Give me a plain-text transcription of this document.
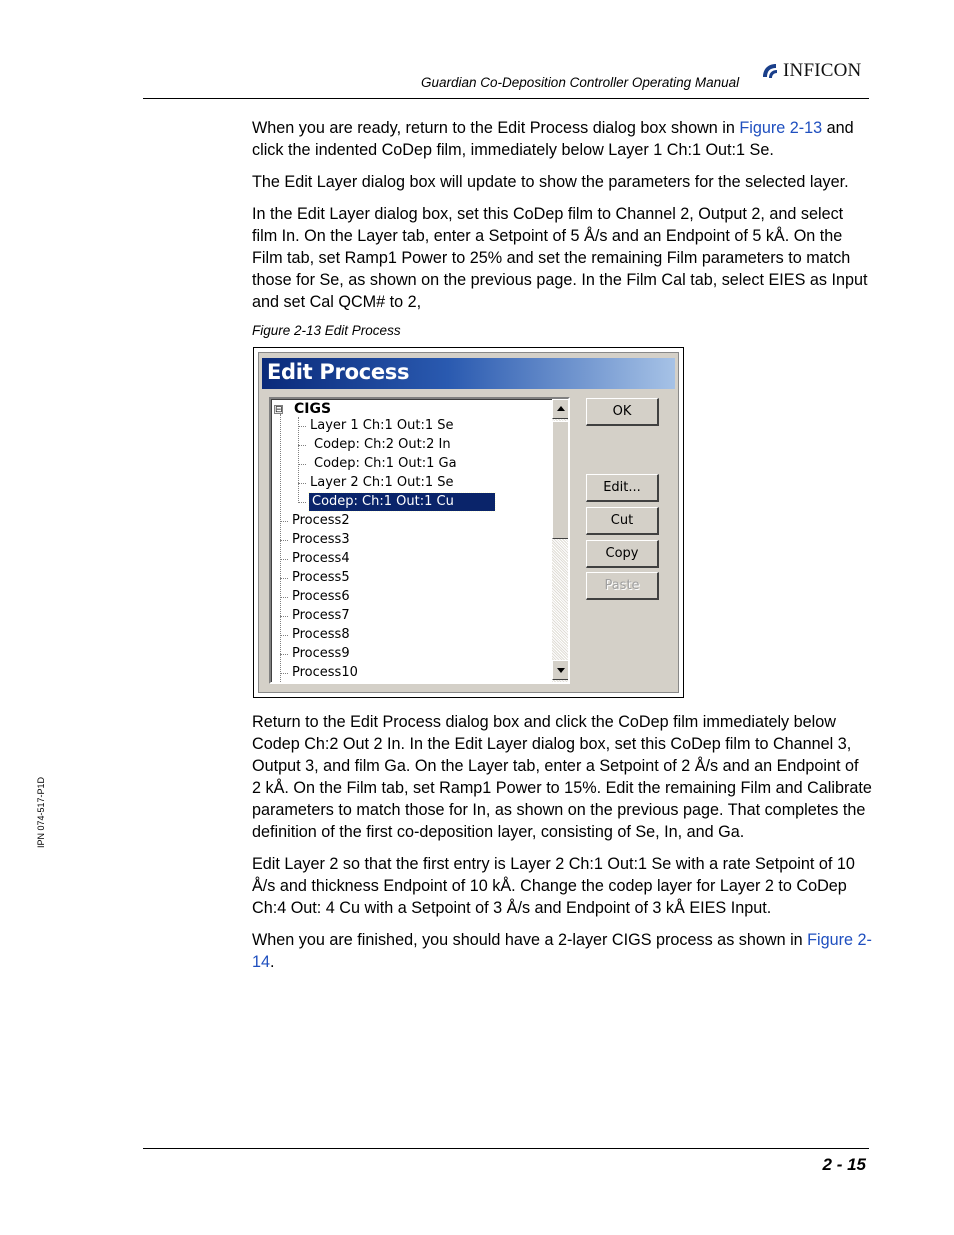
Guardian Co-Deposition Controller Operating Manual
INFICON

When you are ready, return to the Edit Process dialog box shown in Figure 2-13 and click the indented CoDep film, immediately below Layer 1 Ch:1 Out:1 Se.

The Edit Layer dialog box will update to show the parameters for the selected layer.

In the Edit Layer dialog box, set this CoDep film to Channel 2, Output 2, and select film In. On the Layer tab, enter a Setpoint of 5 Å/s and an Endpoint of 5 kÅ. On the Film tab, set Ramp1 Power to 25% and set the remaining Film parameters to match those for Se, as shown on the previous page. In the Film Cal tab, select EIES as Input and set Cal QCM# to 2,

Figure 2-13 Edit Process
Edit Process
⊟ CIGS
Layer 1 Ch:1 Out:1 Se
Codep: Ch:2 Out:2 In
Codep: Ch:1 Out:1 Ga
Layer 2 Ch:1 Out:1 Se
Codep: Ch:1 Out:1 Cu
Process2
Process3
Process4
Process5
Process6
Process7
Process8
Process9
Process10
OK
Edit...
Cut
Copy
Paste

Return to the Edit Process dialog box and click the CoDep film immediately below Codep Ch:2 Out 2 In. In the Edit Layer dialog box, set this CoDep film to Channel 3, Output 3, and film Ga. On the Layer tab, enter a Setpoint of 2 Å/s and an Endpoint of 2 kÅ. On the Film tab, set Ramp1 Power to 15%. Edit the remaining Film and Calibrate parameters to match those for In, as shown on the previous page. That completes the definition of the first co-deposition layer, consisting of Se, In, and Ga.

Edit Layer 2 so that the first entry is Layer 2 Ch:1 Out:1 Se with a rate Setpoint of 10 Å/s and thickness Endpoint of 10 kÅ. Change the codep layer for Layer 2 to CoDep Ch:4 Out: 4 Cu with a Setpoint of 3 Å/s and Endpoint of 3 kÅ EIES Input.

When you are finished, you should have a 2-layer CIGS process as shown in Figure 2-14.

IPN 074-517-P1D
2 - 15
